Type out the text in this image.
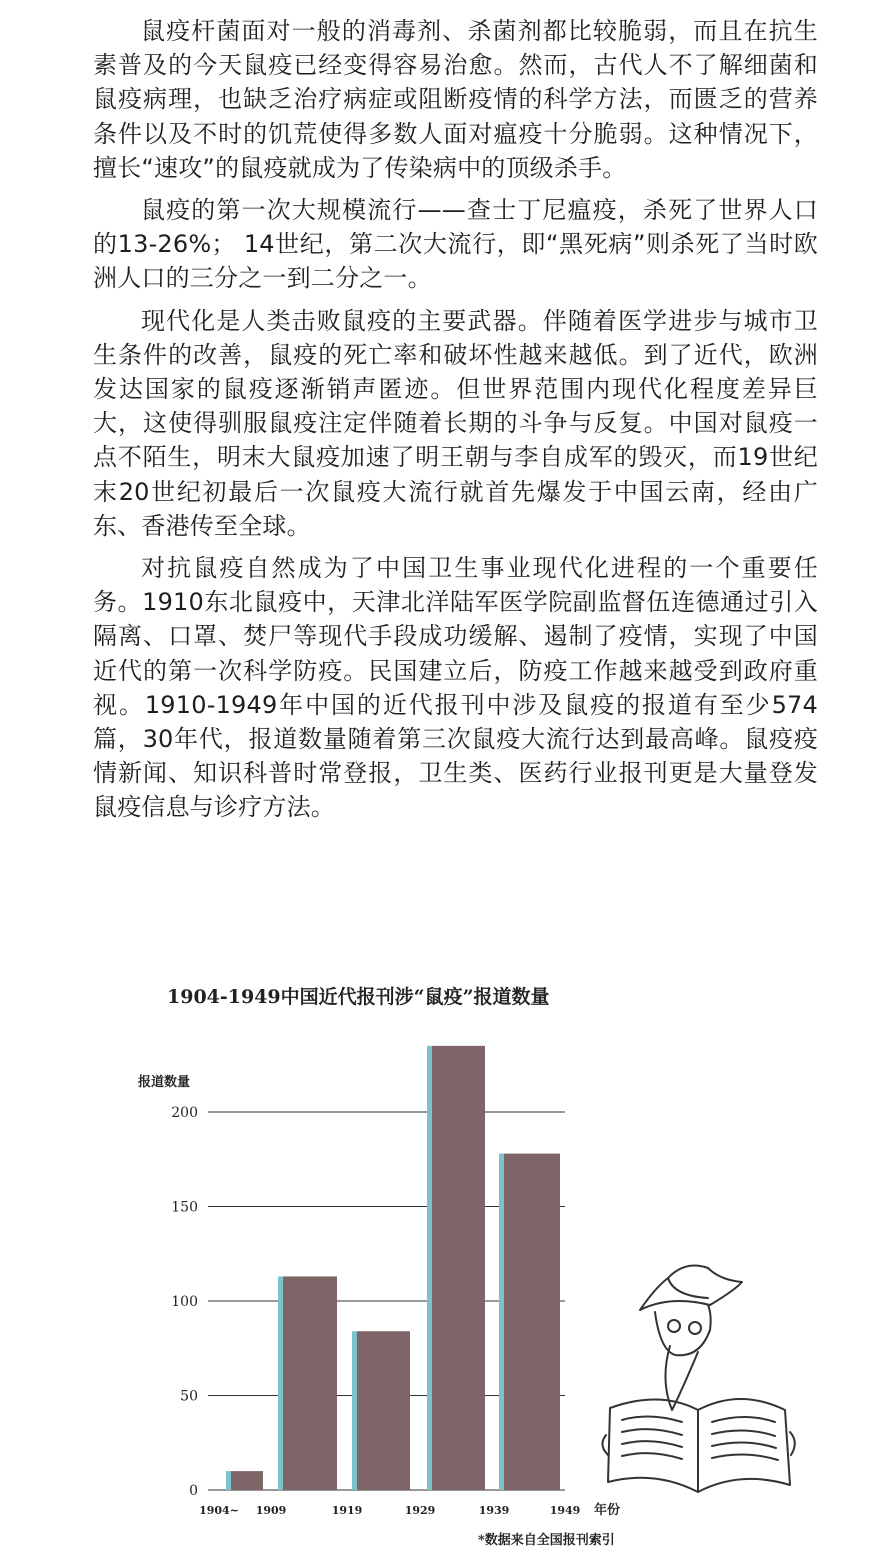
鼠疫杆菌面对一般的消毒剂、杀菌剂都比较脆弱，而且在抗生素普及的今天鼠疫已经变得容易治愈。然而，古代人不了解细菌和鼠疫病理，也缺乏治疗病症或阻断疫情的科学方法，而匮乏的营养条件以及不时的饥荒使得多数人面对瘟疫十分脆弱。这种情况下，擅长“速攻”的鼠疫就成为了传染病中的顶级杀手。

鼠疫的第一次大规模流行——查士丁尼瘟疫，杀死了世界人口的13-26%； 14世纪，第二次大流行，即“黑死病”则杀死了当时欧洲人口的三分之一到二分之一。

现代化是人类击败鼠疫的主要武器。伴随着医学进步与城市卫生条件的改善，鼠疫的死亡率和破坏性越来越低。到了近代，欧洲发达国家的鼠疫逐渐销声匿迹。但世界范围内现代化程度差异巨大，这使得驯服鼠疫注定伴随着长期的斗争与反复。中国对鼠疫一点不陌生，明末大鼠疫加速了明王朝与李自成军的毁灭，而19世纪末20世纪初最后一次鼠疫大流行就首先爆发于中国云南，经由广东、香港传至全球。

对抗鼠疫自然成为了中国卫生事业现代化进程的一个重要任务。1910东北鼠疫中，天津北洋陆军医学院副监督伍连德通过引入隔离、口罩、焚尸等现代手段成功缓解、遏制了疫情，实现了中国近代的第一次科学防疫。民国建立后，防疫工作越来越受到政府重视。1910-1949年中国的近代报刊中涉及鼠疫的报道有至少574篇，30年代，报道数量随着第三次鼠疫大流行达到最高峰。鼠疫疫情新闻、知识科普时常登报，卫生类、医药行业报刊更是大量登发鼠疫信息与诊疗方法。

1904-1949中国近代报刊涉“鼠疫”报道数量
0
50
100
150
200
1904~ 1909	1919	1929	1939	1949
报道数量
年份
*数据来自全国报刊索引
